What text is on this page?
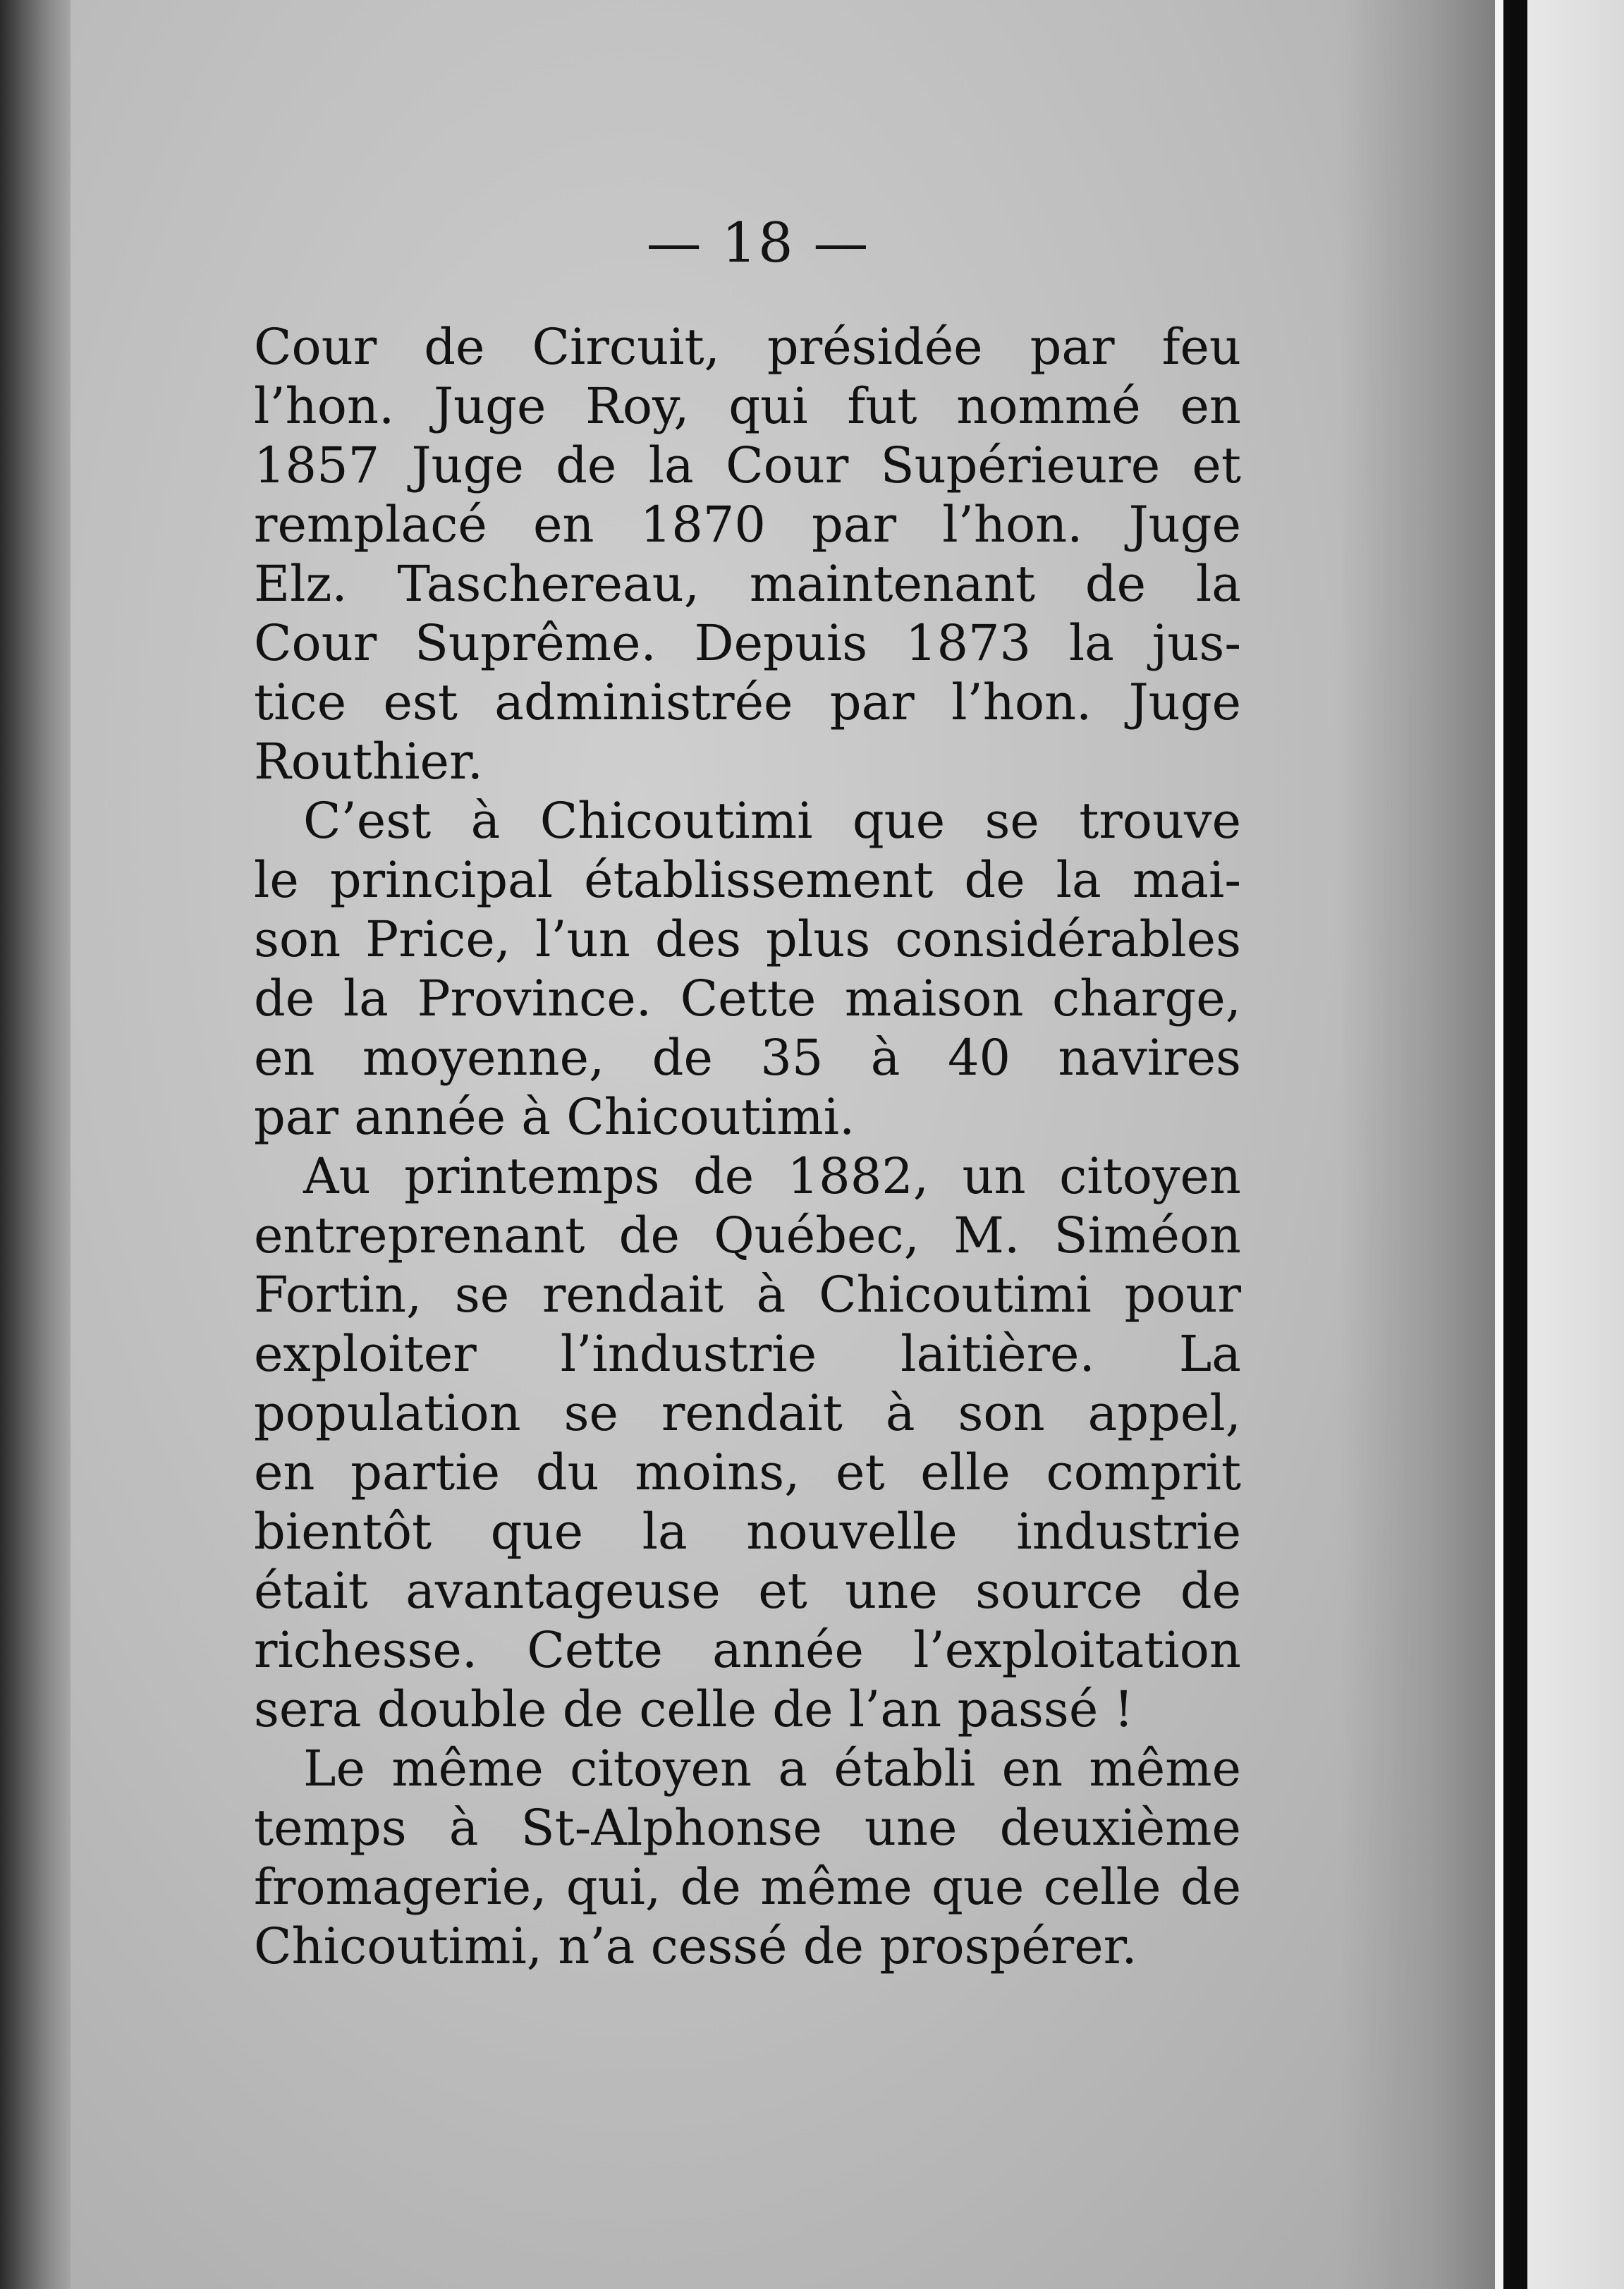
— 18 —
Cour de Circuit, présidée par feu
l’hon. Juge Roy, qui fut nommé en
1857 Juge de la Cour Supérieure et
remplacé en 1870 par l’hon. Juge
Elz. Taschereau, maintenant de la
Cour Suprême. Depuis 1873 la jus-
tice est administrée par l’hon. Juge
Routhier.
C’est à Chicoutimi que se trouve
le principal établissement de la mai-
son Price, l’un des plus considérables
de la Province. Cette maison charge,
en moyenne, de 35 à 40 navires
par année à Chicoutimi.
Au printemps de 1882, un citoyen
entreprenant de Québec, M. Siméon
Fortin, se rendait à Chicoutimi pour
exploiter l’industrie laitière. La
population se rendait à son appel,
en partie du moins, et elle comprit
bientôt que la nouvelle industrie
était avantageuse et une source de
richesse. Cette année l’exploitation
sera double de celle de l’an passé !
Le même citoyen a établi en même
temps à St-Alphonse une deuxième
fromagerie, qui, de même que celle de
Chicoutimi, n’a cessé de prospérer.
